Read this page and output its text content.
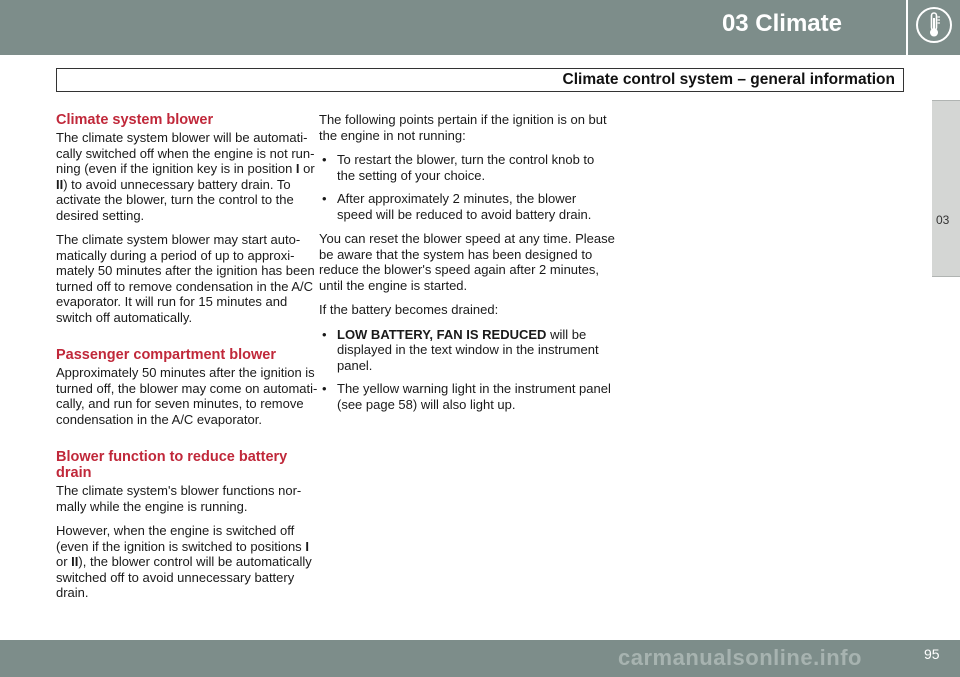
03 Climate
03
Climate control system – general information
Climate system blower

The climate system blower will be automati-cally switched off when the engine is not run-ning (even if the ignition key is in position I or II) to avoid unnecessary battery drain. To activate the blower, turn the control to the desired setting.

The climate system blower may start auto-matically during a period of up to approxi-mately 50 minutes after the ignition has been turned off to remove condensation in the A/C evaporator. It will run for 15 minutes and switch off automatically.

Passenger compartment blower

Approximately 50 minutes after the ignition is turned off, the blower may come on automati-cally, and run for seven minutes, to remove condensation in the A/C evaporator.

Blower function to reduce battery drain

The climate system's blower functions nor-mally while the engine is running.

However, when the engine is switched off (even if the ignition is switched to positions I or II), the blower control will be automatically switched off to avoid unnecessary battery drain.

The following points pertain if the ignition is on but the engine in not running:

• To restart the blower, turn the control knob to the setting of your choice.
• After approximately 2 minutes, the blower speed will be reduced to avoid battery drain.

You can reset the blower speed at any time. Please be aware that the system has been designed to reduce the blower's speed again after 2 minutes, until the engine is started.

If the battery becomes drained:

• LOW BATTERY, FAN IS REDUCED will be displayed in the text window in the instrument panel.
• The yellow warning light in the instrument panel (see page 58) will also light up.
carmanualsonline.info	95
